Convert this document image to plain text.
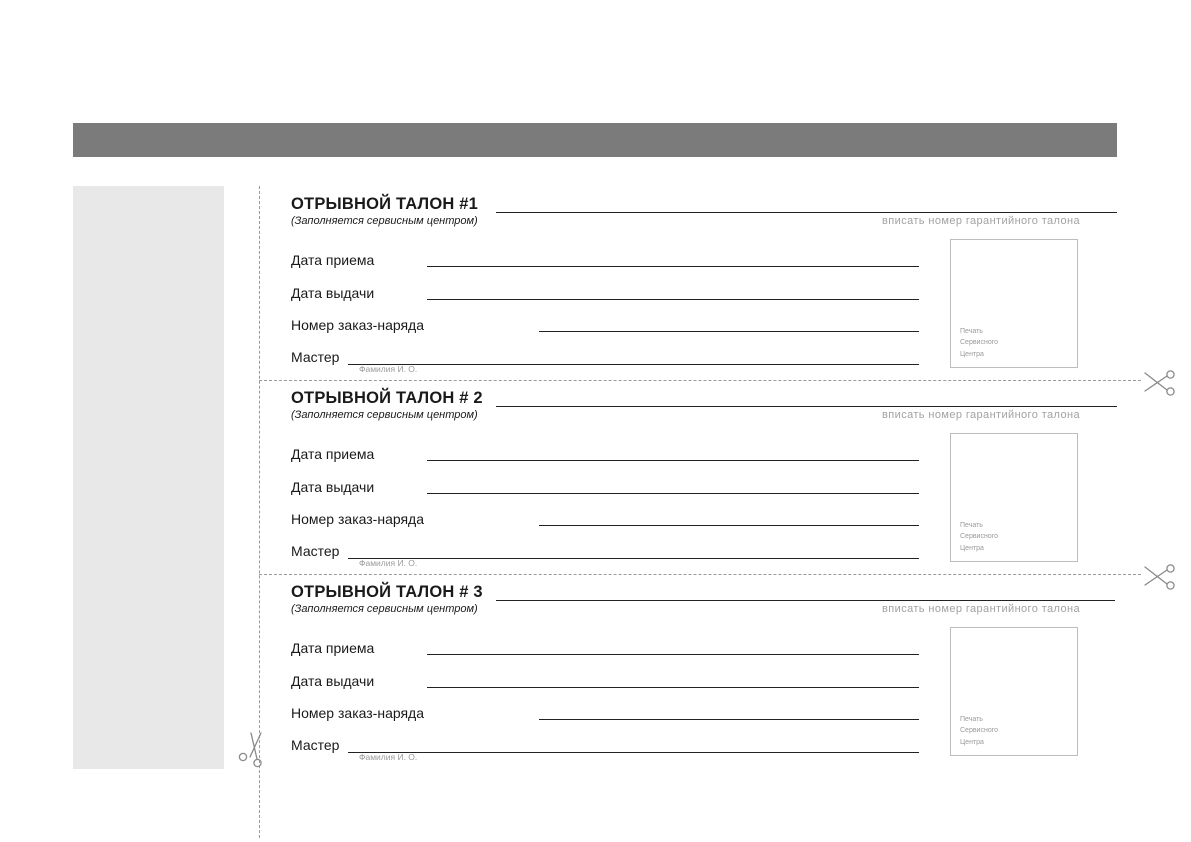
ОТРЫВНОЙ ТАЛОН #1
(Заполняется сервисным центром)	вписать номер гарантийного талона
Дата приема
Дата выдачи
Номер заказ-наряда
Мастер
Фамилия И. О.
Печать
Сервисного
Центра
ОТРЫВНОЙ ТАЛОН # 2
(Заполняется сервисным центром)	вписать номер гарантийного талона
Дата приема
Дата выдачи
Номер заказ-наряда
Мастер
Фамилия И. О.
Печать
Сервисного
Центра
ОТРЫВНОЙ ТАЛОН # 3
(Заполняется сервисным центром)	вписать номер гарантийного талона
Дата приема
Дата выдачи
Номер заказ-наряда
Мастер
Фамилия И. О.
Печать
Сервисного
Центра
